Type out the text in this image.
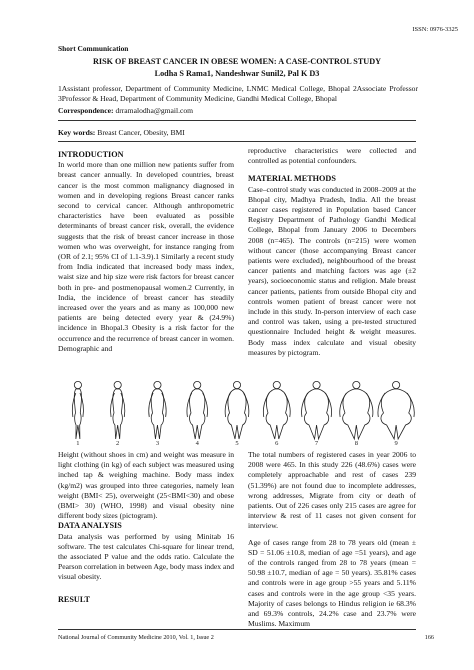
ISSN: 0976-3325
Short Communication
RISK OF BREAST CANCER IN OBESE WOMEN: A CASE-CONTROL STUDY
Lodha S Rama1, Nandeshwar Sunil2, Pal K D3
1Assistant professor, Department of Community Medicine, LNMC Medical College, Bhopal 2Associate Professor 3Professor & Head, Department of Community Medicine, Gandhi Medical College, Bhopal
Correspondence: drramalodha@gmail.com
Key words: Breast Cancer, Obesity, BMI

INTRODUCTION

In world more than one million new patients suffer from breast cancer annually. In developed countries, breast cancer is the most common malignancy diagnosed in women and in developing regions Breast cancer ranks second to cervical cancer. Although anthropometric characteristics have been evaluated as possible determinants of breast cancer risk, overall, the evidence suggests that the risk of breast cancer increase in those women who was overweight, for instance ranging from (OR of 2.1; 95% CI of 1.1-3.9).1 Similarly a recent study from India indicated that increased body mass index, waist size and hip size were risk factors for breast cancer both in pre- and postmenopausal women.2 Currently, in India, the incidence of breast cancer has steadily increased over the years and as many as 100,000 new patients are being detected every year & (24.9%) incidence in Bhopal.3 Obesity is a risk factor for the occurrence and the recurrence of breast cancer in women. Demographic and

reproductive characteristics were collected and controlled as potential confounders.

MATERIAL METHODS

Case–control study was conducted in 2008–2009 at the Bhopal city, Madhya Pradesh, India. All the breast cancer cases registered in Population based Cancer Registry Department of Pathology Gandhi Medical College, Bhopal from January 2006 to Decembers 2008 (n=465). The controls (n=215) were women without cancer (those accompanying Breast cancer patients were excluded), neighbourhood of the breast cancer patients and matching factors was age (±2 years), socioeconomic status and religion. Male breast cancer patients, patients from outside Bhopal city and controls women patient of breast cancer were not include in this study. In-person interview of each case and control was taken, using a pre-tested structured questionnaire Included height & weight measures. Body mass index calculate and visual obesity measures by pictogram.

1	2	3	4	5	6	7	8	9

Height (without shoes in cm) and weight was measure in light clothing (in kg) of each subject was measured using inched tap & weighing machine. Body mass index (kg/m2) was grouped into three categories, namely lean weight (BMI< 25), overweight (25<BMI<30) and obese (BMI> 30) (WHO, 1998) and visual obesity nine different body sizes (pictogram).

DATA ANALYSIS

Data analysis was performed by using Minitab 16 software. The test calculates Chi-square for linear trend, the associated P value and the odds ratio. Calculate the Pearson correlation in between Age, body mass index and visual obesity.

RESULT

The total numbers of registered cases in year 2006 to 2008 were 465. In this study 226 (48.6%) cases were completely approachable and rest of cases 239 (51.39%) are not found due to incomplete addresses, wrong addresses, Migrate from city or death of patients. Out of 226 cases only 215 cases are agree for interview & rest of 11 cases not given consent for interview.

Age of cases range from 28 to 78 years old (mean ± SD = 51.06 ±10.8, median of age =51 years), and age of the controls ranged from 28 to 78 years (mean = 50.98 ±10.7, median of age = 50 years). 35.81% cases and controls were in age group >55 years and 5.11% cases and controls were in the age group <35 years. Majority of cases belongs to Hindus religion ie 68.3% and 69.3% controls, 24.2% case and 23.7% were Muslims. Maximum

National Journal of Community Medicine 2010, Vol. 1, Issue 2	166
